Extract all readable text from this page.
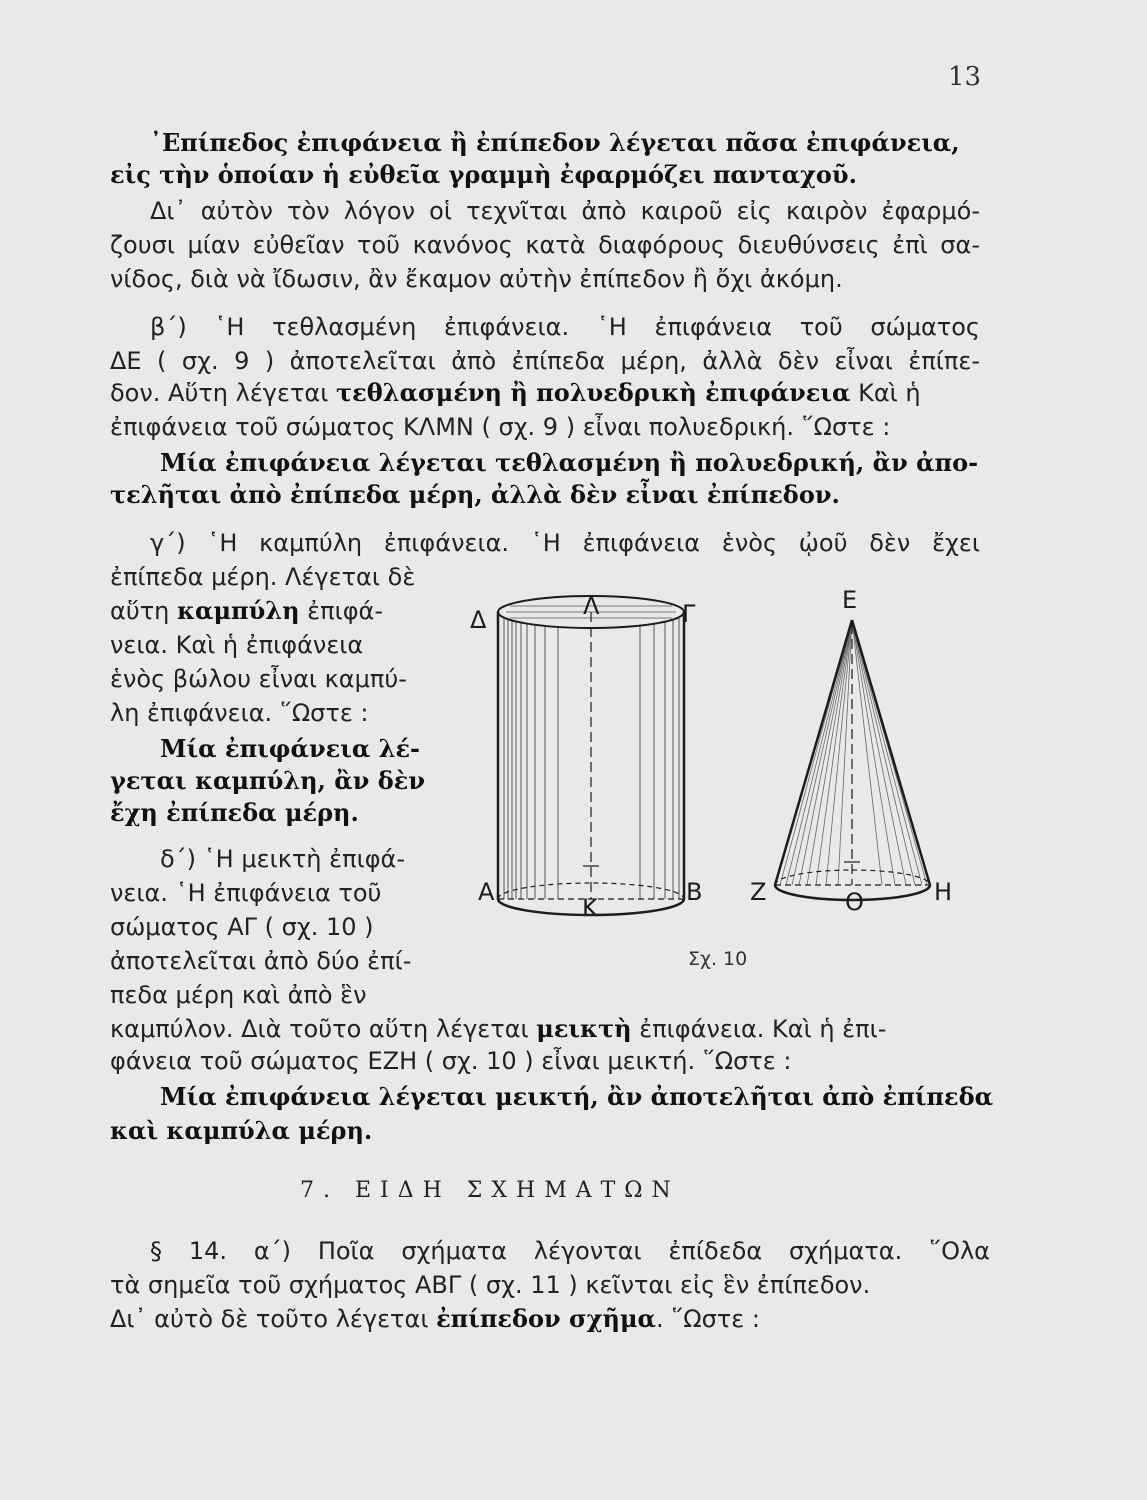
13
᾿Επίπεδος ἐπιφάνεια ἢ ἐπίπεδον λέγεται πᾶσα ἐπιφάνεια,
εἰς τὴν ὁποίαν ἡ εὐθεῖα γραμμὴ ἐφαρμόζει πανταχοῦ.
Δι᾿ αὐτὸν τὸν λόγον οἱ τεχνῖται ἀπὸ καιροῦ εἰς καιρὸν ἐφαρμό-
ζουσι μίαν εὐθεῖαν τοῦ κανόνος κατὰ διαφόρους διευθύνσεις ἐπὶ σα-
νίδος, διὰ νὰ ἴδωσιν, ἂν ἔκαμον αὐτὴν ἐπίπεδον ἢ ὄχι ἀκόμη.
β΄) ῾Η τεθλασμένη ἐπιφάνεια. ῾Η ἐπιφάνεια τοῦ σώματος
ΔΕ ( σχ. 9 ) ἀποτελεῖται ἀπὸ ἐπίπεδα μέρη, ἀλλὰ δὲν εἶναι ἐπίπε-
δον. Αὕτη λέγεται τεθλασμένη ἢ πολυεδρικὴ ἐπιφάνεια Καὶ ἡ
ἐπιφάνεια τοῦ σώματος ΚΛΜΝ ( σχ. 9 ) εἶναι πολυεδρική. ῞Ωστε :
Μία ἐπιφάνεια λέγεται τεθλασμένη ἢ πολυεδρική, ἂν ἀπο-
τελῆται ἀπὸ ἐπίπεδα μέρη, ἀλλὰ δὲν εἶναι ἐπίπεδον.
γ΄) ῾Η καμπύλη ἐπιφάνεια. ῾Η ἐπιφάνεια ἑνὸς ᾠοῦ δὲν ἔχει
ἐπίπεδα μέρη. Λέγεται δὲ
αὕτη καμπύλη ἐπιφά-
νεια. Καὶ ἡ ἐπιφάνεια
ἑνὸς βώλου εἶναι καμπύ-
λη ἐπιφάνεια. ῞Ωστε :
Μία ἐπιφάνεια λέ-
γεται καμπύλη, ἂν δὲν
ἔχη ἐπίπεδα μέρη.
δ΄) ῾Η μεικτὴ ἐπιφά-
νεια. ῾Η ἐπιφάνεια τοῦ
σώματος ΑΓ ( σχ. 10 )
ἀποτελεῖται ἀπὸ δύο ἐπί-
πεδα μέρη καὶ ἀπὸ ἓν
καμπύλον. Διὰ τοῦτο αὕτη λέγεται μεικτὴ ἐπιφάνεια. Καὶ ἡ ἐπι-
φάνεια τοῦ σώματος ΕΖΗ ( σχ. 10 ) εἶναι μεικτή. ῞Ωστε :
Μία ἐπιφάνεια λέγεται μεικτή, ἂν ἀποτελῆται ἀπὸ ἐπίπεδα
καὶ καμπύλα μέρη.
7. ΕΙΔΗ ΣΧΗΜΑΤΩΝ
§ 14. α΄) Ποῖα σχήματα λέγονται ἐπίδεδα σχήματα. ῞Ολα
τὰ σημεῖα τοῦ σχήματος ΑΒΓ ( σχ. 11 ) κεῖνται εἰς ἓν ἐπίπεδον.
Δι᾿ αὐτὸ δὲ τοῦτο λέγεται ἐπίπεδον σχῆμα. ῞Ωστε :
Δ	Λ	Γ
Α
Κ
Β
Ε
Ζ	Ο	Η
Σχ. 10
